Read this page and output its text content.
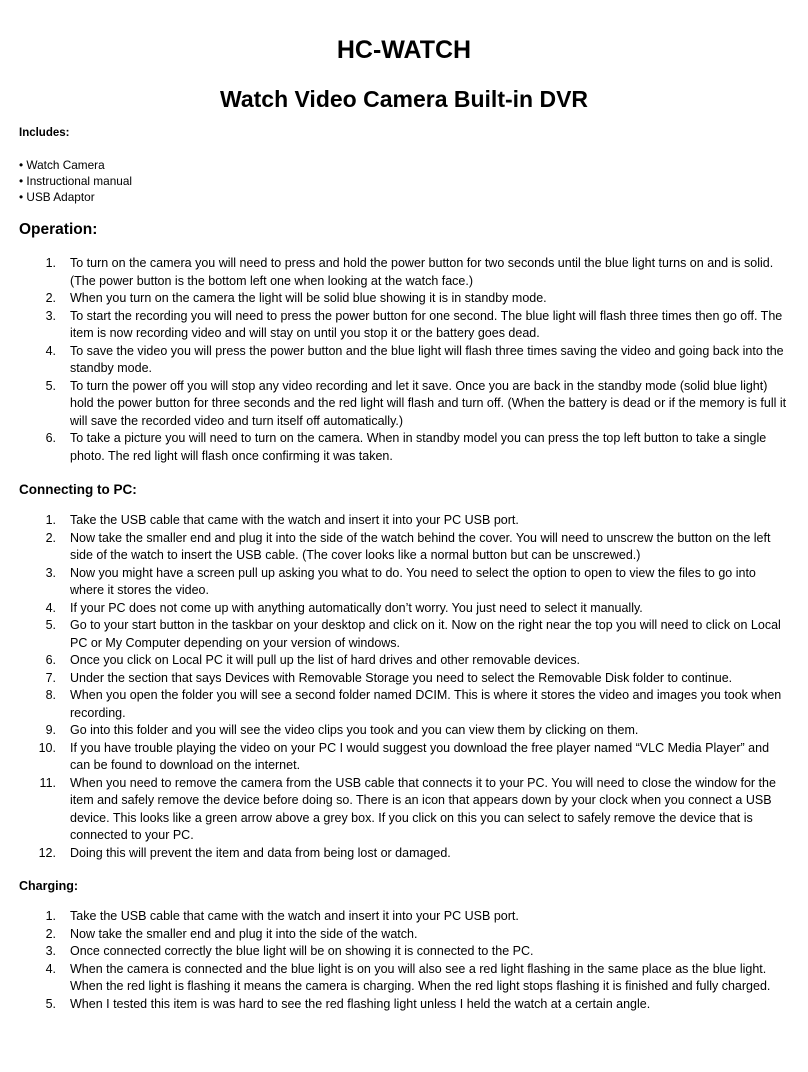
HC-WATCH
Watch Video Camera Built-in DVR

Includes:

• Watch Camera
• Instructional manual
• USB Adaptor
Operation:
1. To turn on the camera you will need to press and hold the power button for two seconds until the blue light turns on and is solid. (The power button is the bottom left one when looking at the watch face.)
2. When you turn on the camera the light will be solid blue showing it is in standby mode.
3. To start the recording you will need to press the power button for one second. The blue light will flash three times then go off. The item is now recording video and will stay on until you stop it or the battery goes dead.
4. To save the video you will press the power button and the blue light will flash three times saving the video and going back into the standby mode.
5. To turn the power off you will stop any video recording and let it save. Once you are back in the standby mode (solid blue light) hold the power button for three seconds and the red light will flash and turn off. (When the battery is dead or if the memory is full it will save the recorded video and turn itself off automatically.)
6. To take a picture you will need to turn on the camera. When in standby model you can press the top left button to take a single photo. The red light will flash once confirming it was taken.
Connecting to PC:
1. Take the USB cable that came with the watch and insert it into your PC USB port.
2. Now take the smaller end and plug it into the side of the watch behind the cover. You will need to unscrew the button on the left side of the watch to insert the USB cable. (The cover looks like a normal button but can be unscrewed.)
3. Now you might have a screen pull up asking you what to do. You need to select the option to open to view the files to go into where it stores the video.
4. If your PC does not come up with anything automatically don’t worry. You just need to select it manually.
5. Go to your start button in the taskbar on your desktop and click on it. Now on the right near the top you will need to click on Local PC or My Computer depending on your version of windows.
6. Once you click on Local PC it will pull up the list of hard drives and other removable devices.
7. Under the section that says Devices with Removable Storage you need to select the Removable Disk folder to continue.
8. When you open the folder you will see a second folder named DCIM. This is where it stores the video and images you took when recording.
9. Go into this folder and you will see the video clips you took and you can view them by clicking on them.
10. If you have trouble playing the video on your PC I would suggest you download the free player named “VLC Media Player” and can be found to download on the internet.
11. When you need to remove the camera from the USB cable that connects it to your PC. You will need to close the window for the item and safely remove the device before doing so. There is an icon that appears down by your clock when you connect a USB device. This looks like a green arrow above a grey box. If you click on this you can select to safely remove the device that is connected to your PC.
12. Doing this will prevent the item and data from being lost or damaged.
Charging:
1. Take the USB cable that came with the watch and insert it into your PC USB port.
2. Now take the smaller end and plug it into the side of the watch.
3. Once connected correctly the blue light will be on showing it is connected to the PC.
4. When the camera is connected and the blue light is on you will also see a red light flashing in the same place as the blue light. When the red light is flashing it means the camera is charging. When the red light stops flashing it is finished and fully charged.
5. When I tested this item is was hard to see the red flashing light unless I held the watch at a certain angle.
